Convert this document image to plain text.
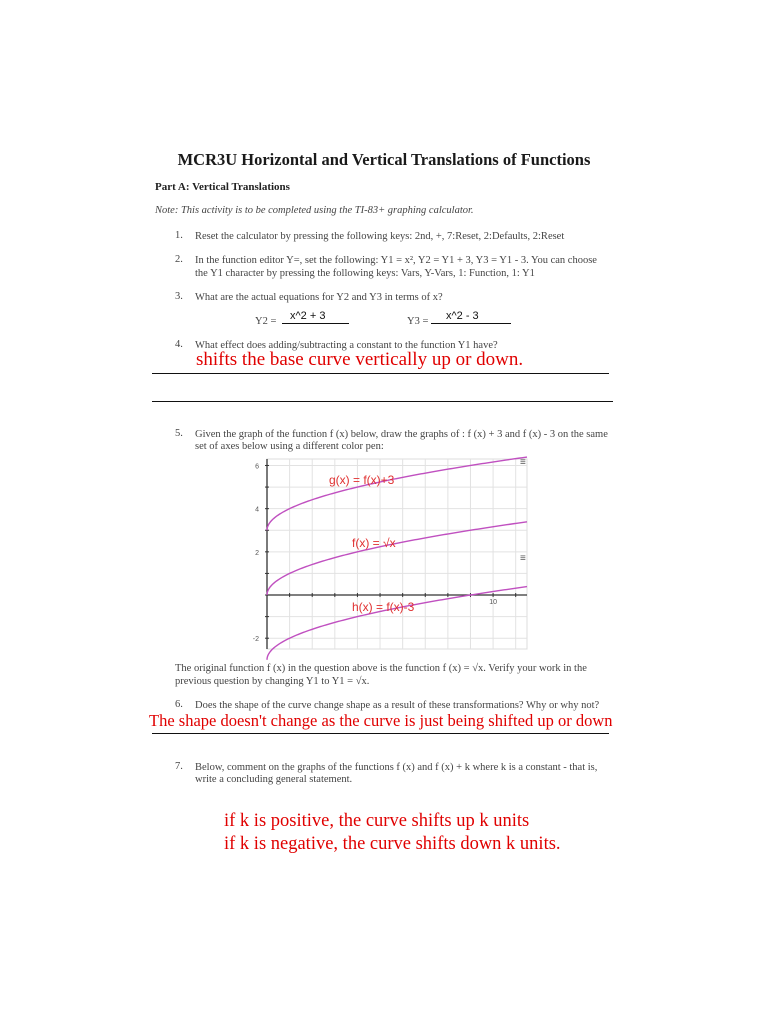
MCR3U Horizontal and Vertical Translations of Functions
Part A: Vertical Translations
Note: This activity is to be completed using the TI-83+ graphing calculator.
1. Reset the calculator by pressing the following keys: 2nd, +, 7:Reset, 2:Defaults, 2:Reset
2. In the function editor Y=, set the following: Y1 = x², Y2 = Y1 + 3, Y3 = Y1 - 3. You can choose
the Y1 character by pressing the following keys: Vars, Y-Vars, 1: Function, 1: Y1
3. What are the actual equations for Y2 and Y3 in terms of x?
Y2 = x^2 + 3	Y3 = x^2 - 3
4. What effect does adding/subtracting a constant to the function Y1 have?
shifts the base curve vertically up or down.
5. Given the graph of the function f (x) below, draw the graphs of : f (x) + 3 and f (x) - 3 on the same
set of axes below using a different color pen:
6
4
2
-2
10
g(x) = f(x)+3
f(x) = √x
h(x) = f(x)-3
≡
≡
The original function f (x) in the question above is the function f (x) = √x. Verify your work in the
previous question by changing Y1 to Y1 = √x.
6. Does the shape of the curve change shape as a result of these transformations? Why or why not?
The shape doesn't change as the curve is just being shifted up or down
7. Below, comment on the graphs of the functions f (x) and f (x) + k where k is a constant - that is,
write a concluding general statement.
if k is positive, the curve shifts up k units
if k is negative, the curve shifts down k units.
